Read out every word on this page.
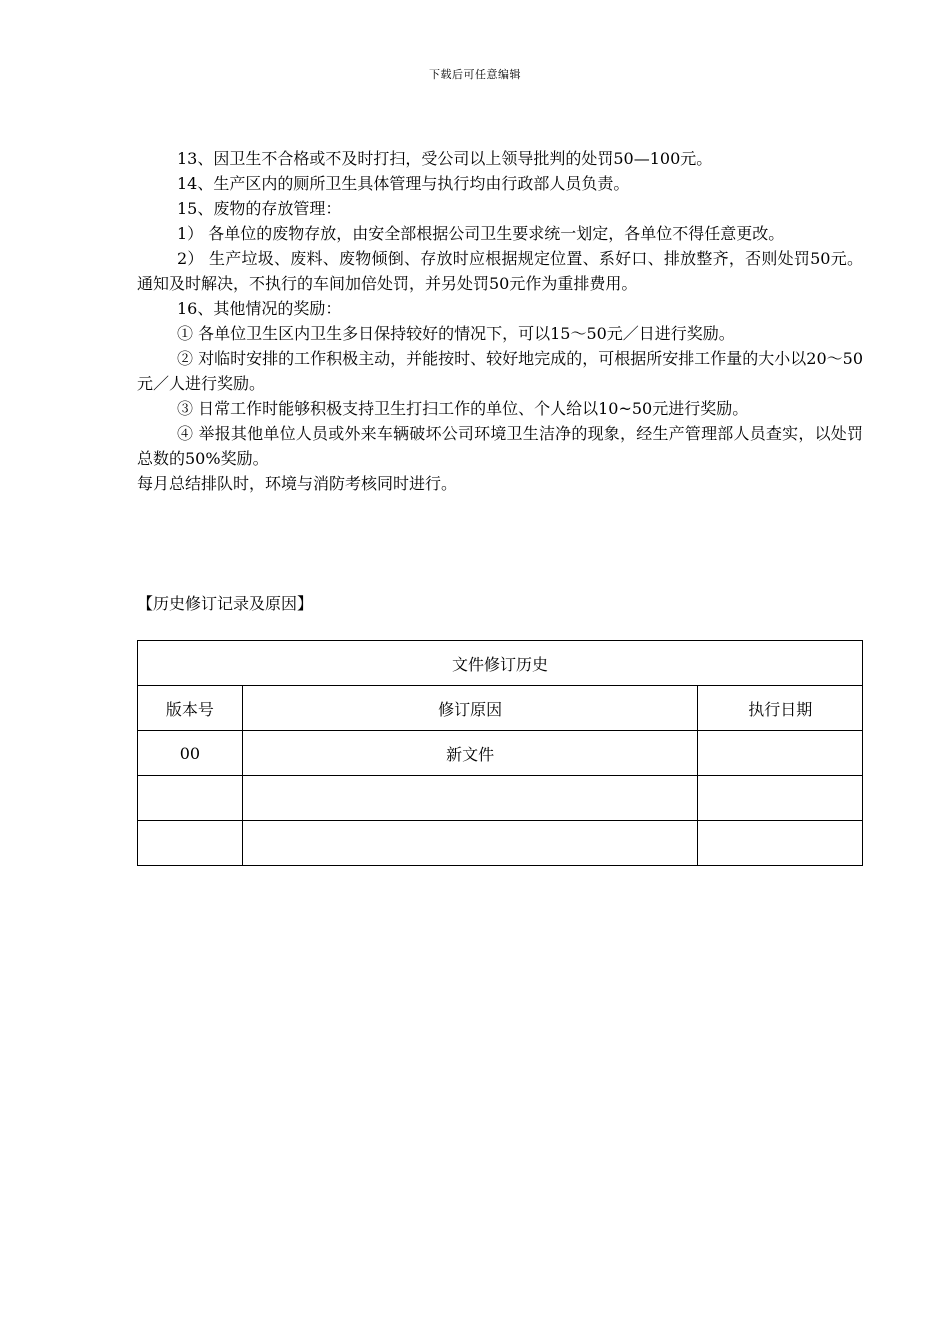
下载后可任意编辑

13、因卫生不合格或不及时打扫，受公司以上领导批判的处罚50—100元。

14、生产区内的厕所卫生具体管理与执行均由行政部人员负责。

15、废物的存放管理：

1） 各单位的废物存放，由安全部根据公司卫生要求统一划定，各单位不得任意更改。

2） 生产垃圾、废料、废物倾倒、存放时应根据规定位置、系好口、排放整齐，否则处罚50元。通知及时解决，不执行的车间加倍处罚，并另处罚50元作为重排费用。

16、其他情况的奖励：

① 各单位卫生区内卫生多日保持较好的情况下，可以15～50元／日进行奖励。

② 对临时安排的工作积极主动，并能按时、较好地完成的，可根据所安排工作量的大小以20～50元／人进行奖励。

③ 日常工作时能够积极支持卫生打扫工作的单位、个人给以10~50元进行奖励。

④ 举报其他单位人员或外来车辆破坏公司环境卫生洁净的现象，经生产管理部人员查实，以处罚总数的50%奖励。

每月总结排队时，环境与消防考核同时进行。

【历史修订记录及原因】
文件修订历史		
版本号	修订原因	执行日期
00	新文件	
